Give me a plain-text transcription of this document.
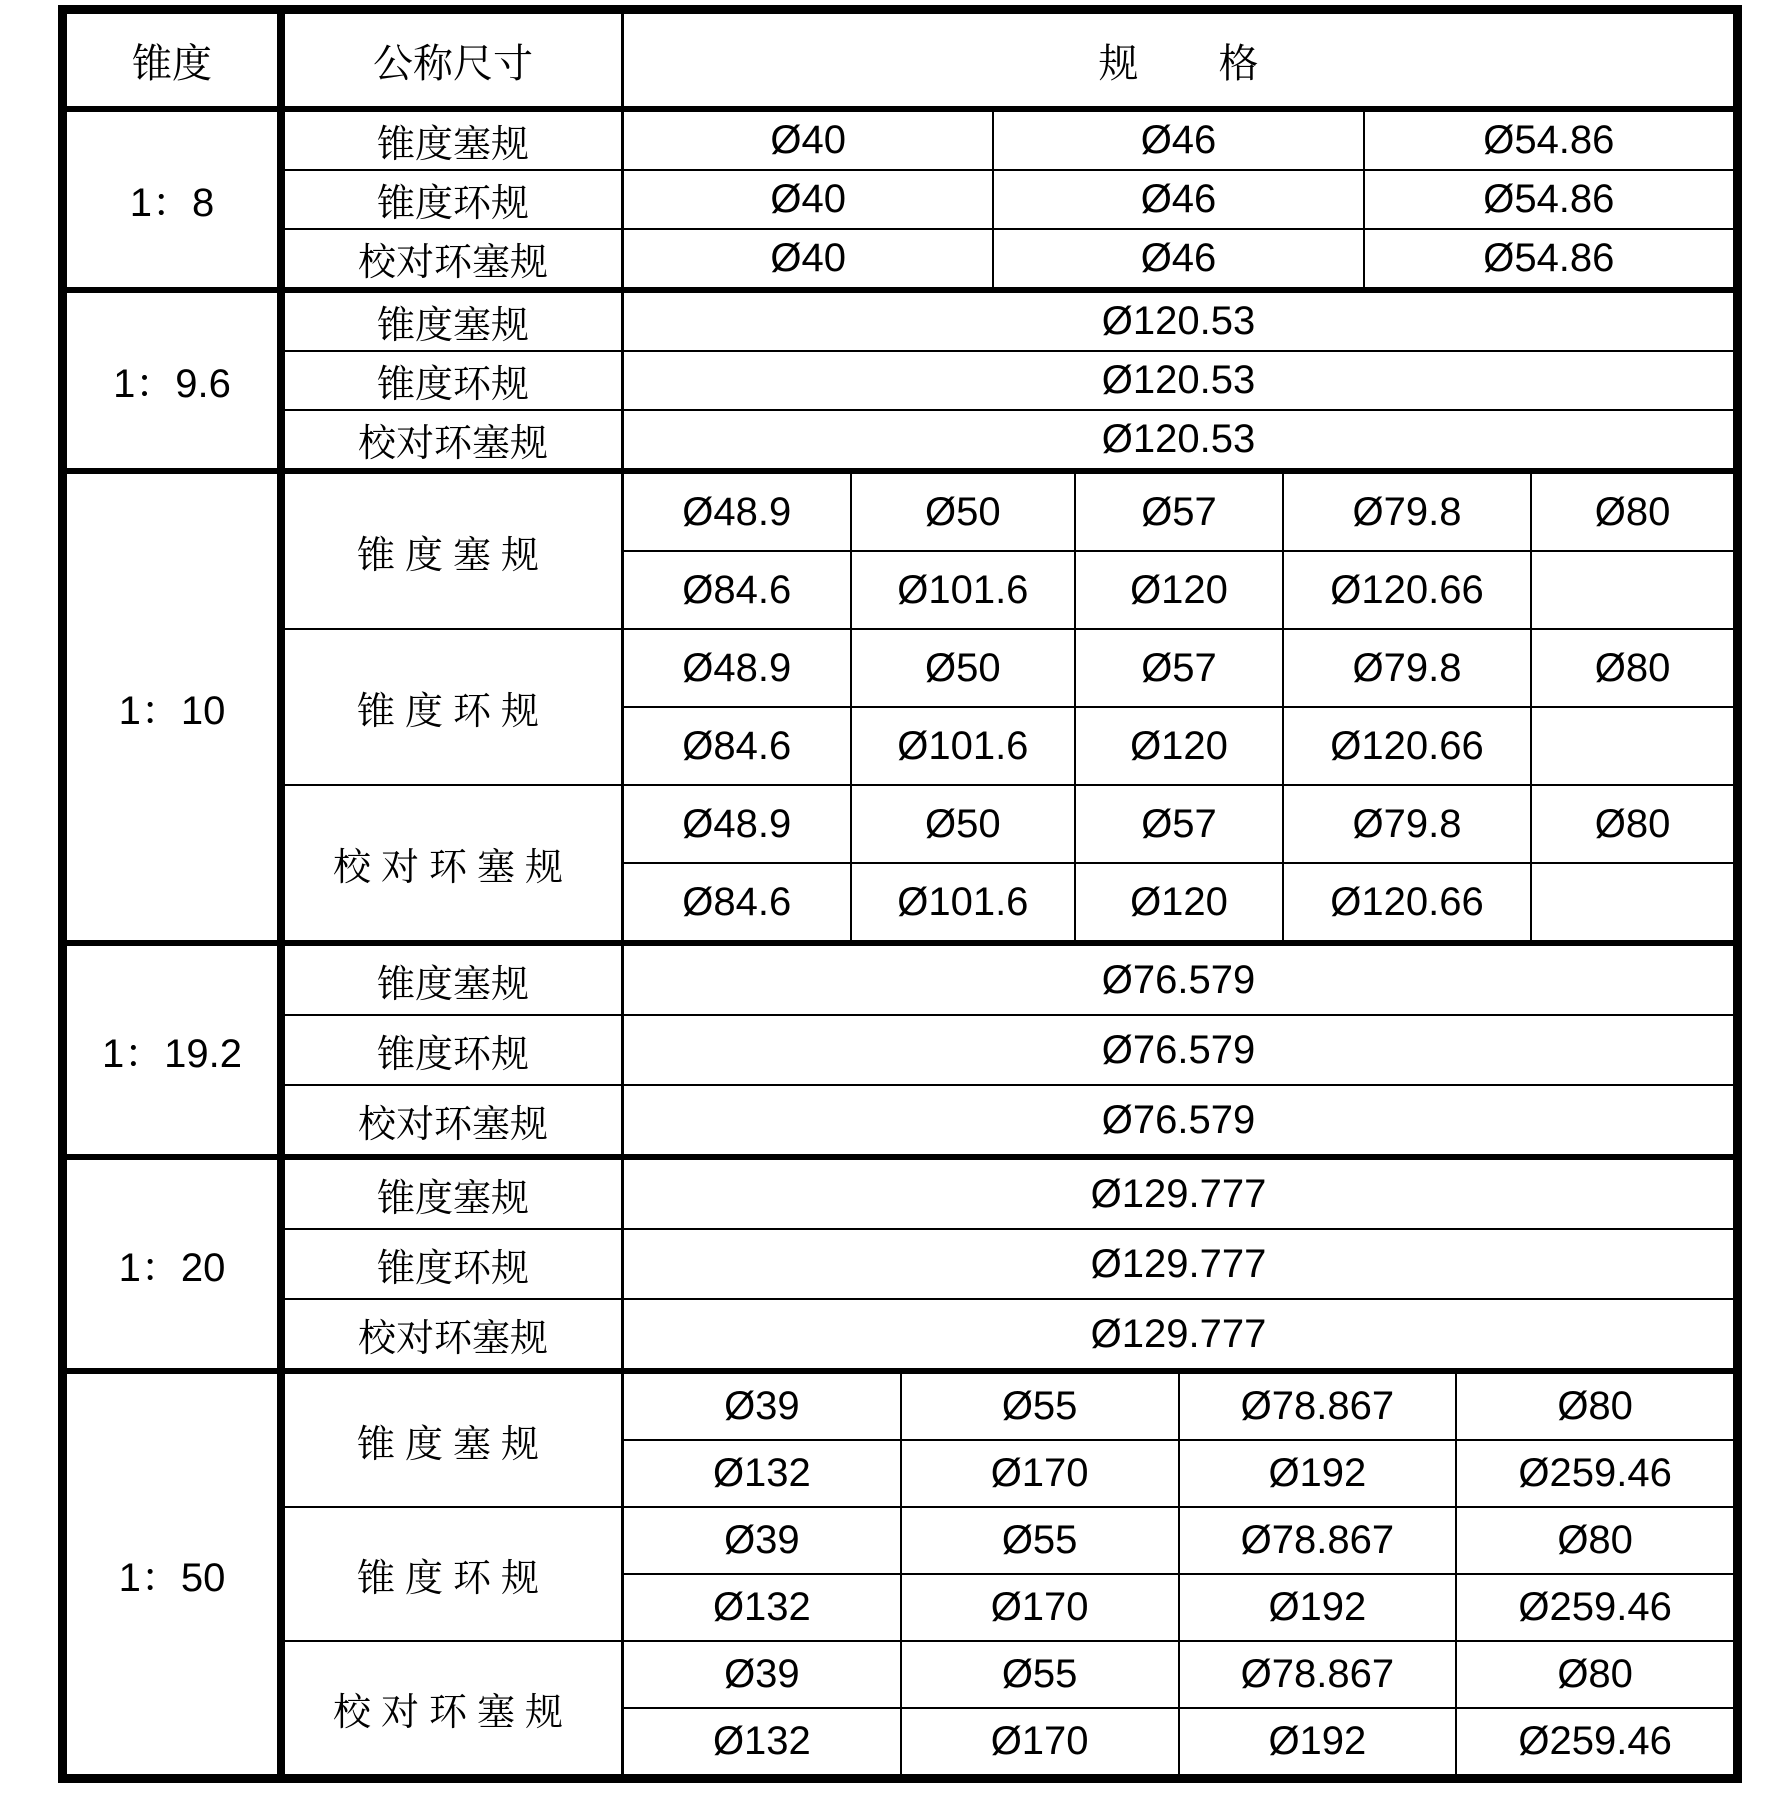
锥度	公称尺寸	规　　格
1：8
锥度塞规	Ø40	Ø46	Ø54.86
锥度环规	Ø40	Ø46	Ø54.86
校对环塞规	Ø40	Ø46	Ø54.86
1：9.6
锥度塞规	Ø120.53
锥度环规	Ø120.53
校对环塞规	Ø120.53
1：10
锥度塞规
Ø48.9	Ø50	Ø57	Ø79.8	Ø80
Ø84.6	Ø101.6	Ø120	Ø120.66
锥度环规
Ø48.9	Ø50	Ø57	Ø79.8	Ø80
Ø84.6	Ø101.6	Ø120	Ø120.66
校对环塞规
Ø48.9	Ø50	Ø57	Ø79.8	Ø80
Ø84.6	Ø101.6	Ø120	Ø120.66
1：19.2
锥度塞规	Ø76.579
锥度环规	Ø76.579
校对环塞规	Ø76.579
1：20
锥度塞规	Ø129.777
锥度环规	Ø129.777
校对环塞规	Ø129.777
1：50
锥度塞规
Ø39	Ø55	Ø78.867	Ø80
Ø132	Ø170	Ø192	Ø259.46
锥度环规
Ø39	Ø55	Ø78.867	Ø80
Ø132	Ø170	Ø192	Ø259.46
校对环塞规
Ø39	Ø55	Ø78.867	Ø80
Ø132	Ø170	Ø192	Ø259.46
